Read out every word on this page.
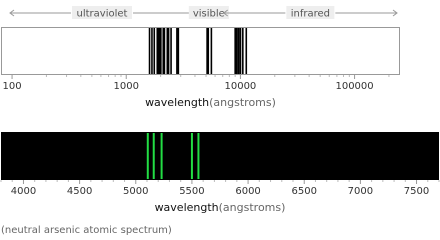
ultraviolet	visible	infrared
100	1000	10000	100000
wavelength(angstroms)
4000	4500	5000	5500	6000	6500	7000	7500
wavelength(angstroms)
(neutral arsenic atomic spectrum)
